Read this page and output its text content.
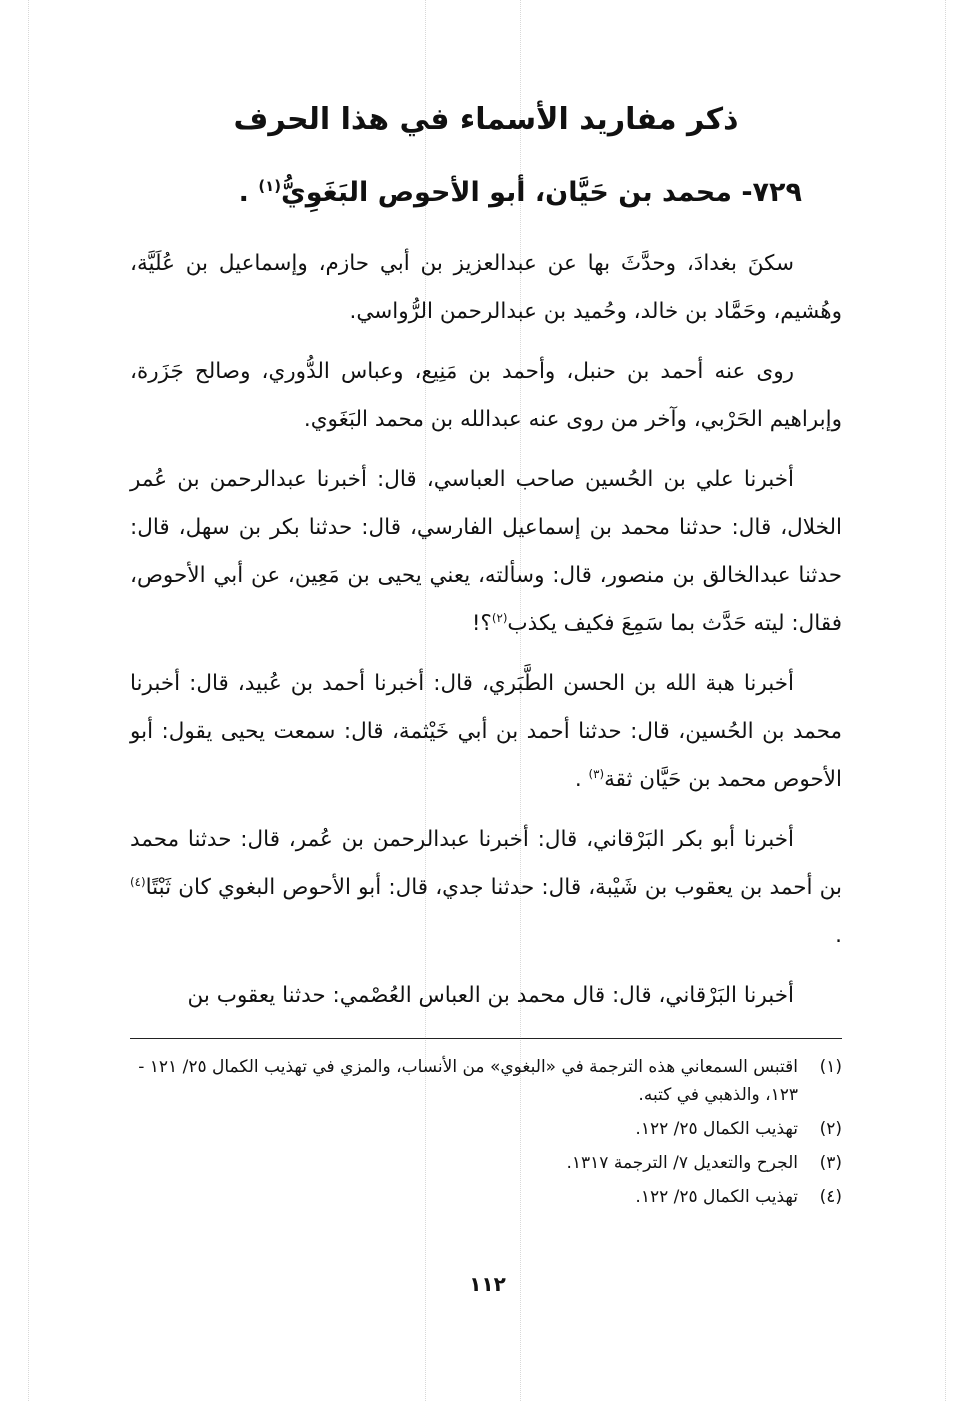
ذكر مفاريد الأسماء في هذا الحرف
٧٢٩- محمد بن حَيَّان، أبو الأحوص البَغَوِيُّ$^{(١)}$ .

سكنَ بغدادَ، وحدَّثَ بها عن عبدالعزيز بن أبي حازم، وإسماعيل بن عُلَيَّة، وهُشيم، وحَمَّاد بن خالد، وحُميد بن عبدالرحمن الرُّواسي.

روى عنه أحمد بن حنبل، وأحمد بن مَنِيع، وعباس الدُّوري، وصالح جَزَرة، وإبراهيم الحَرْبي، وآخر من روى عنه عبدالله بن محمد البَغَوي.

أخبرنا علي بن الحُسين صاحب العباسي، قال: أخبرنا عبدالرحمن بن عُمر الخلال، قال: حدثنا محمد بن إسماعيل الفارسي، قال: حدثنا بكر بن سهل، قال: حدثنا عبدالخالق بن منصور، قال: وسألته، يعني يحيى بن مَعِين، عن أبي الأحوص، فقال: ليته حَدَّث بما سَمِعَ فكيف يكذب$^{(٢)}$؟!

أخبرنا هبة الله بن الحسن الطَّبَري، قال: أخبرنا أحمد بن عُبيد، قال: أخبرنا محمد بن الحُسين، قال: حدثنا أحمد بن أبي خَيْثمة، قال: سمعت يحيى يقول: أبو الأحوص محمد بن حَيَّان ثقة$^{(٣)}$ .

أخبرنا أبو بكر البَرْقاني، قال: أخبرنا عبدالرحمن بن عُمر، قال: حدثنا محمد بن أحمد بن يعقوب بن شَيْبة، قال: حدثنا جدي، قال: أبو الأحوص البغوي كان ثَبْتًا$^{(٤)}$ .

أخبرنا البَرْقاني، قال: قال محمد بن العباس العُصْمي: حدثنا يعقوب بن

(١)
اقتبس السمعاني هذه الترجمة في «البغوي» من الأنساب، والمزي في تهذيب الكمال ٢٥/ ١٢١ - ١٢٣، والذهبي في كتبه.
(٢)
تهذيب الكمال ٢٥/ ١٢٢.
(٣)
الجرح والتعديل ٧/ الترجمة ١٣١٧.
(٤)
تهذيب الكمال ٢٥/ ١٢٢.
١١٢
